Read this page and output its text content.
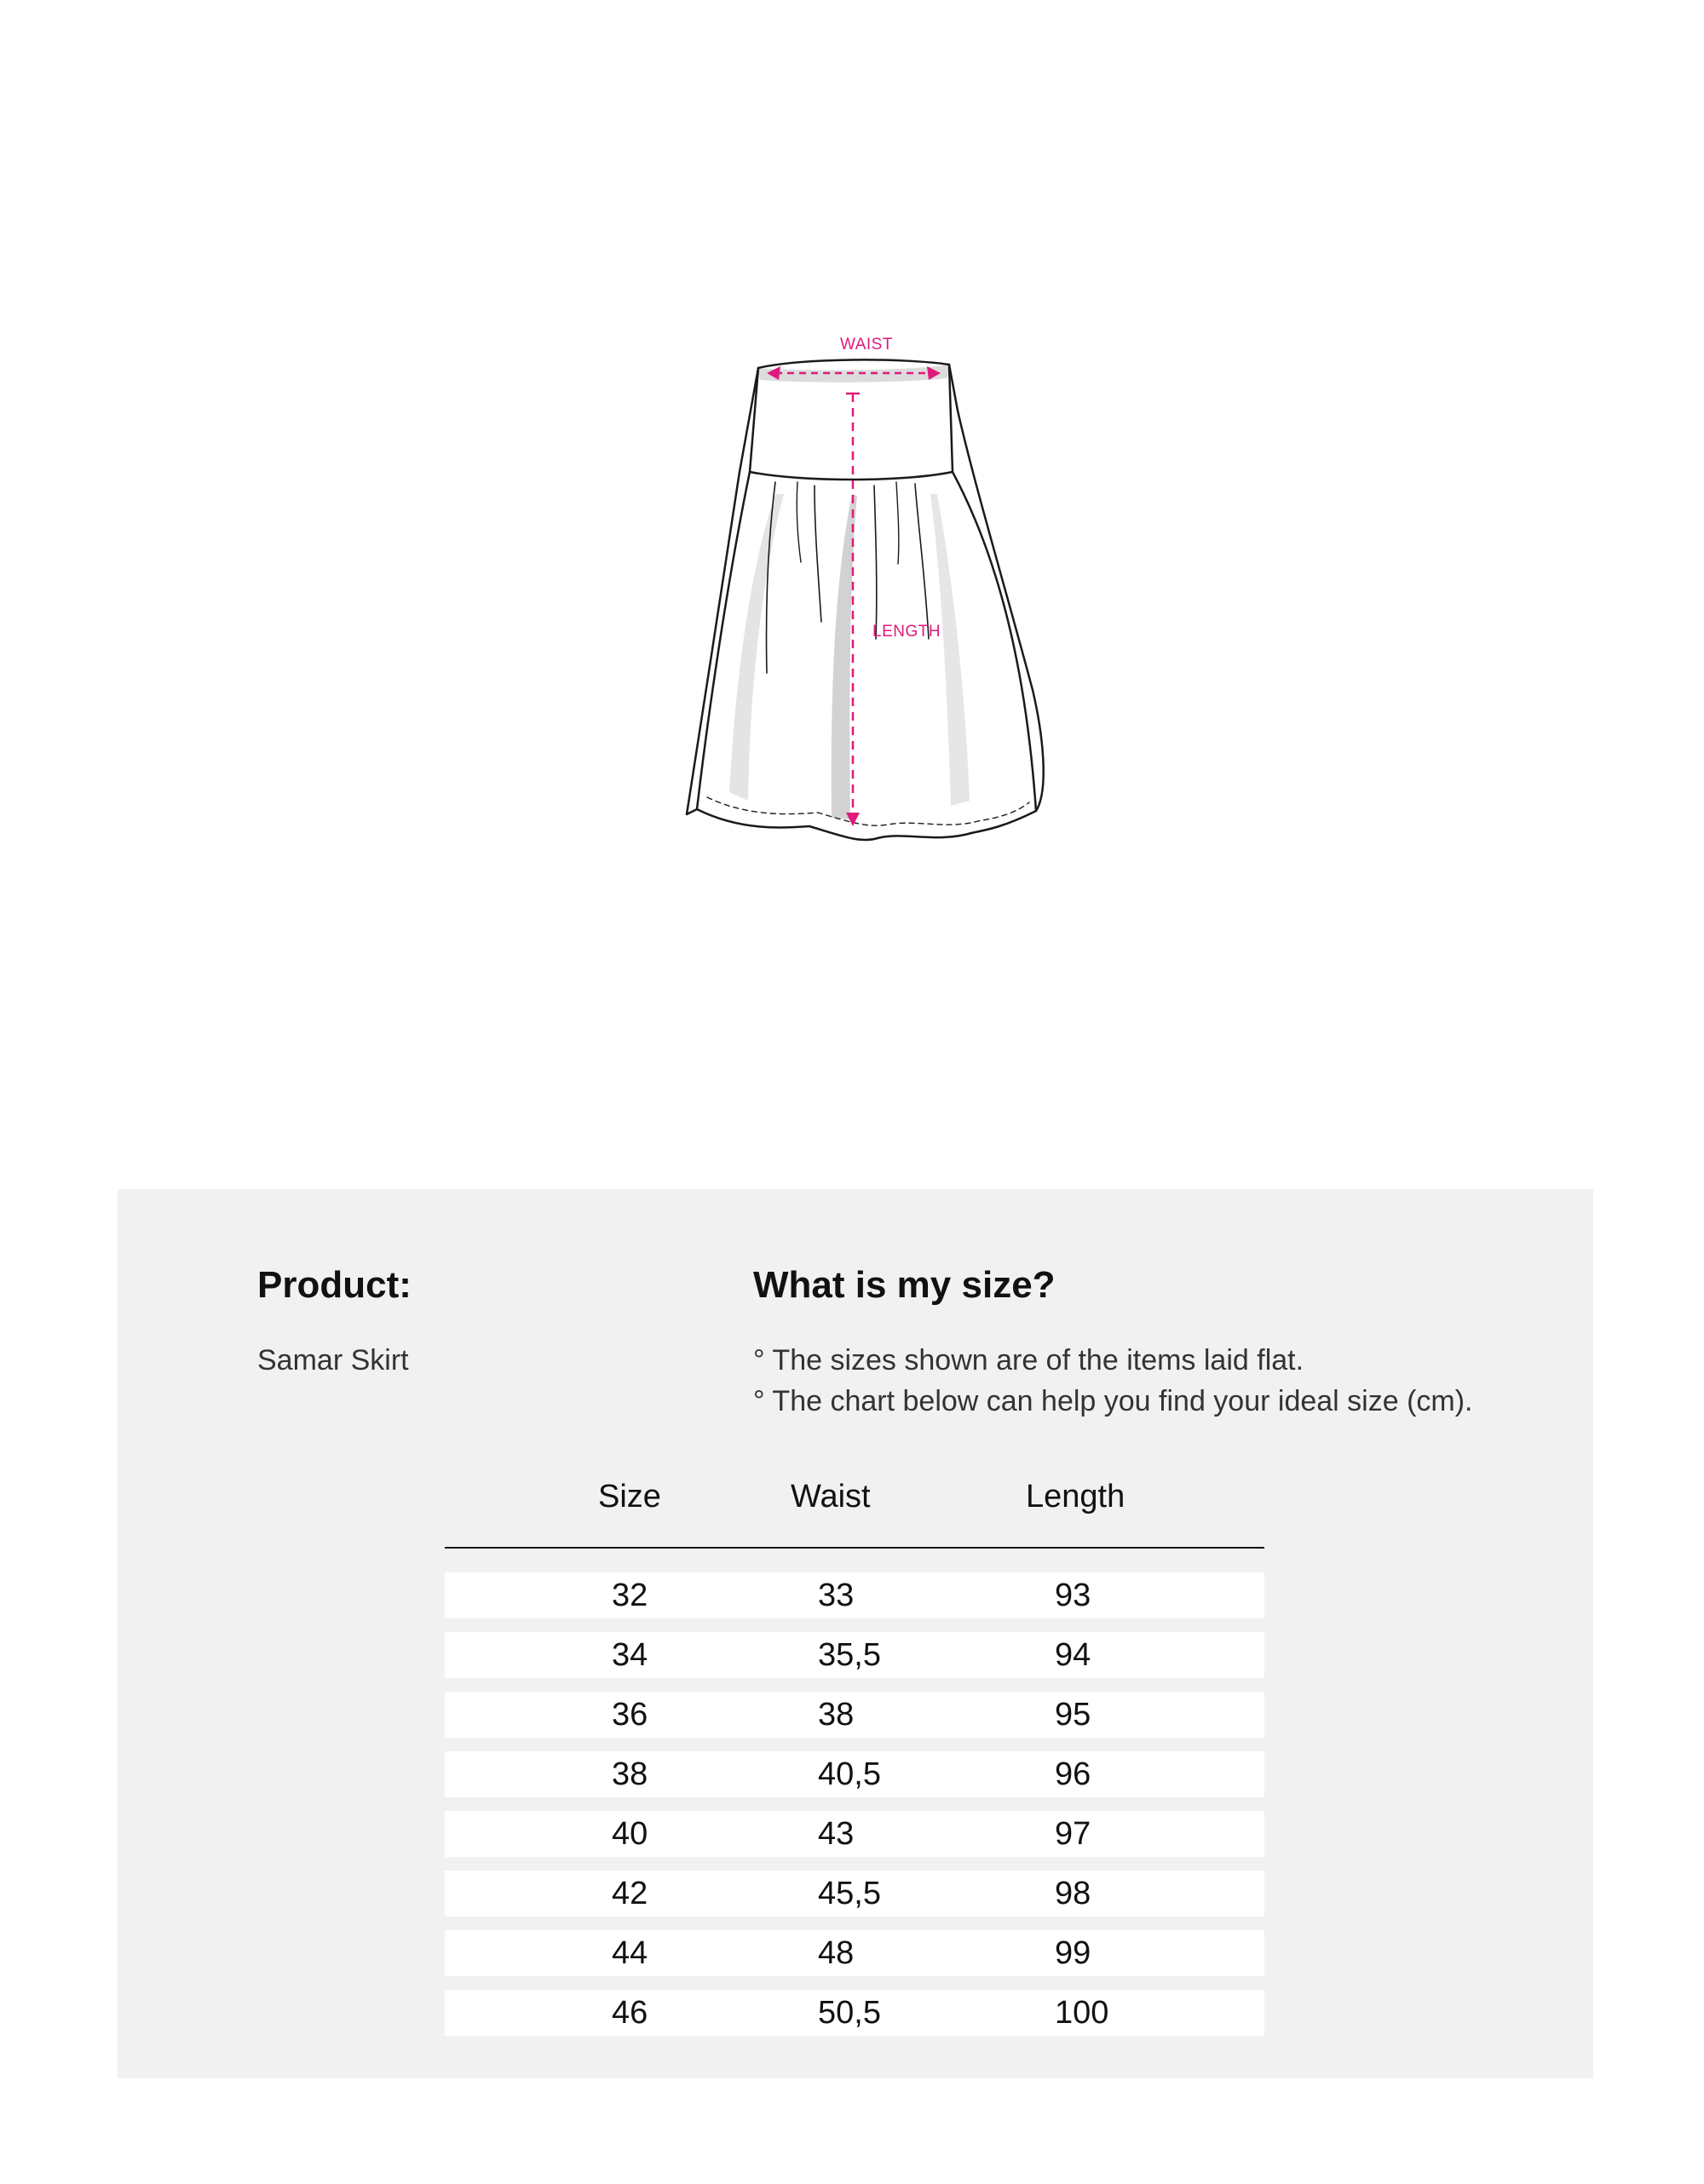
WAIST
LENGTH
Product:
Samar Skirt
What is my size?
° The sizes shown are of the items laid flat.
° The chart below can help you find your ideal size (cm).
Size	Waist	Length
32	33	93
34	35,5	94
36	38	95
38	40,5	96
40	43	97
42	45,5	98
44	48	99
46	50,5	100
